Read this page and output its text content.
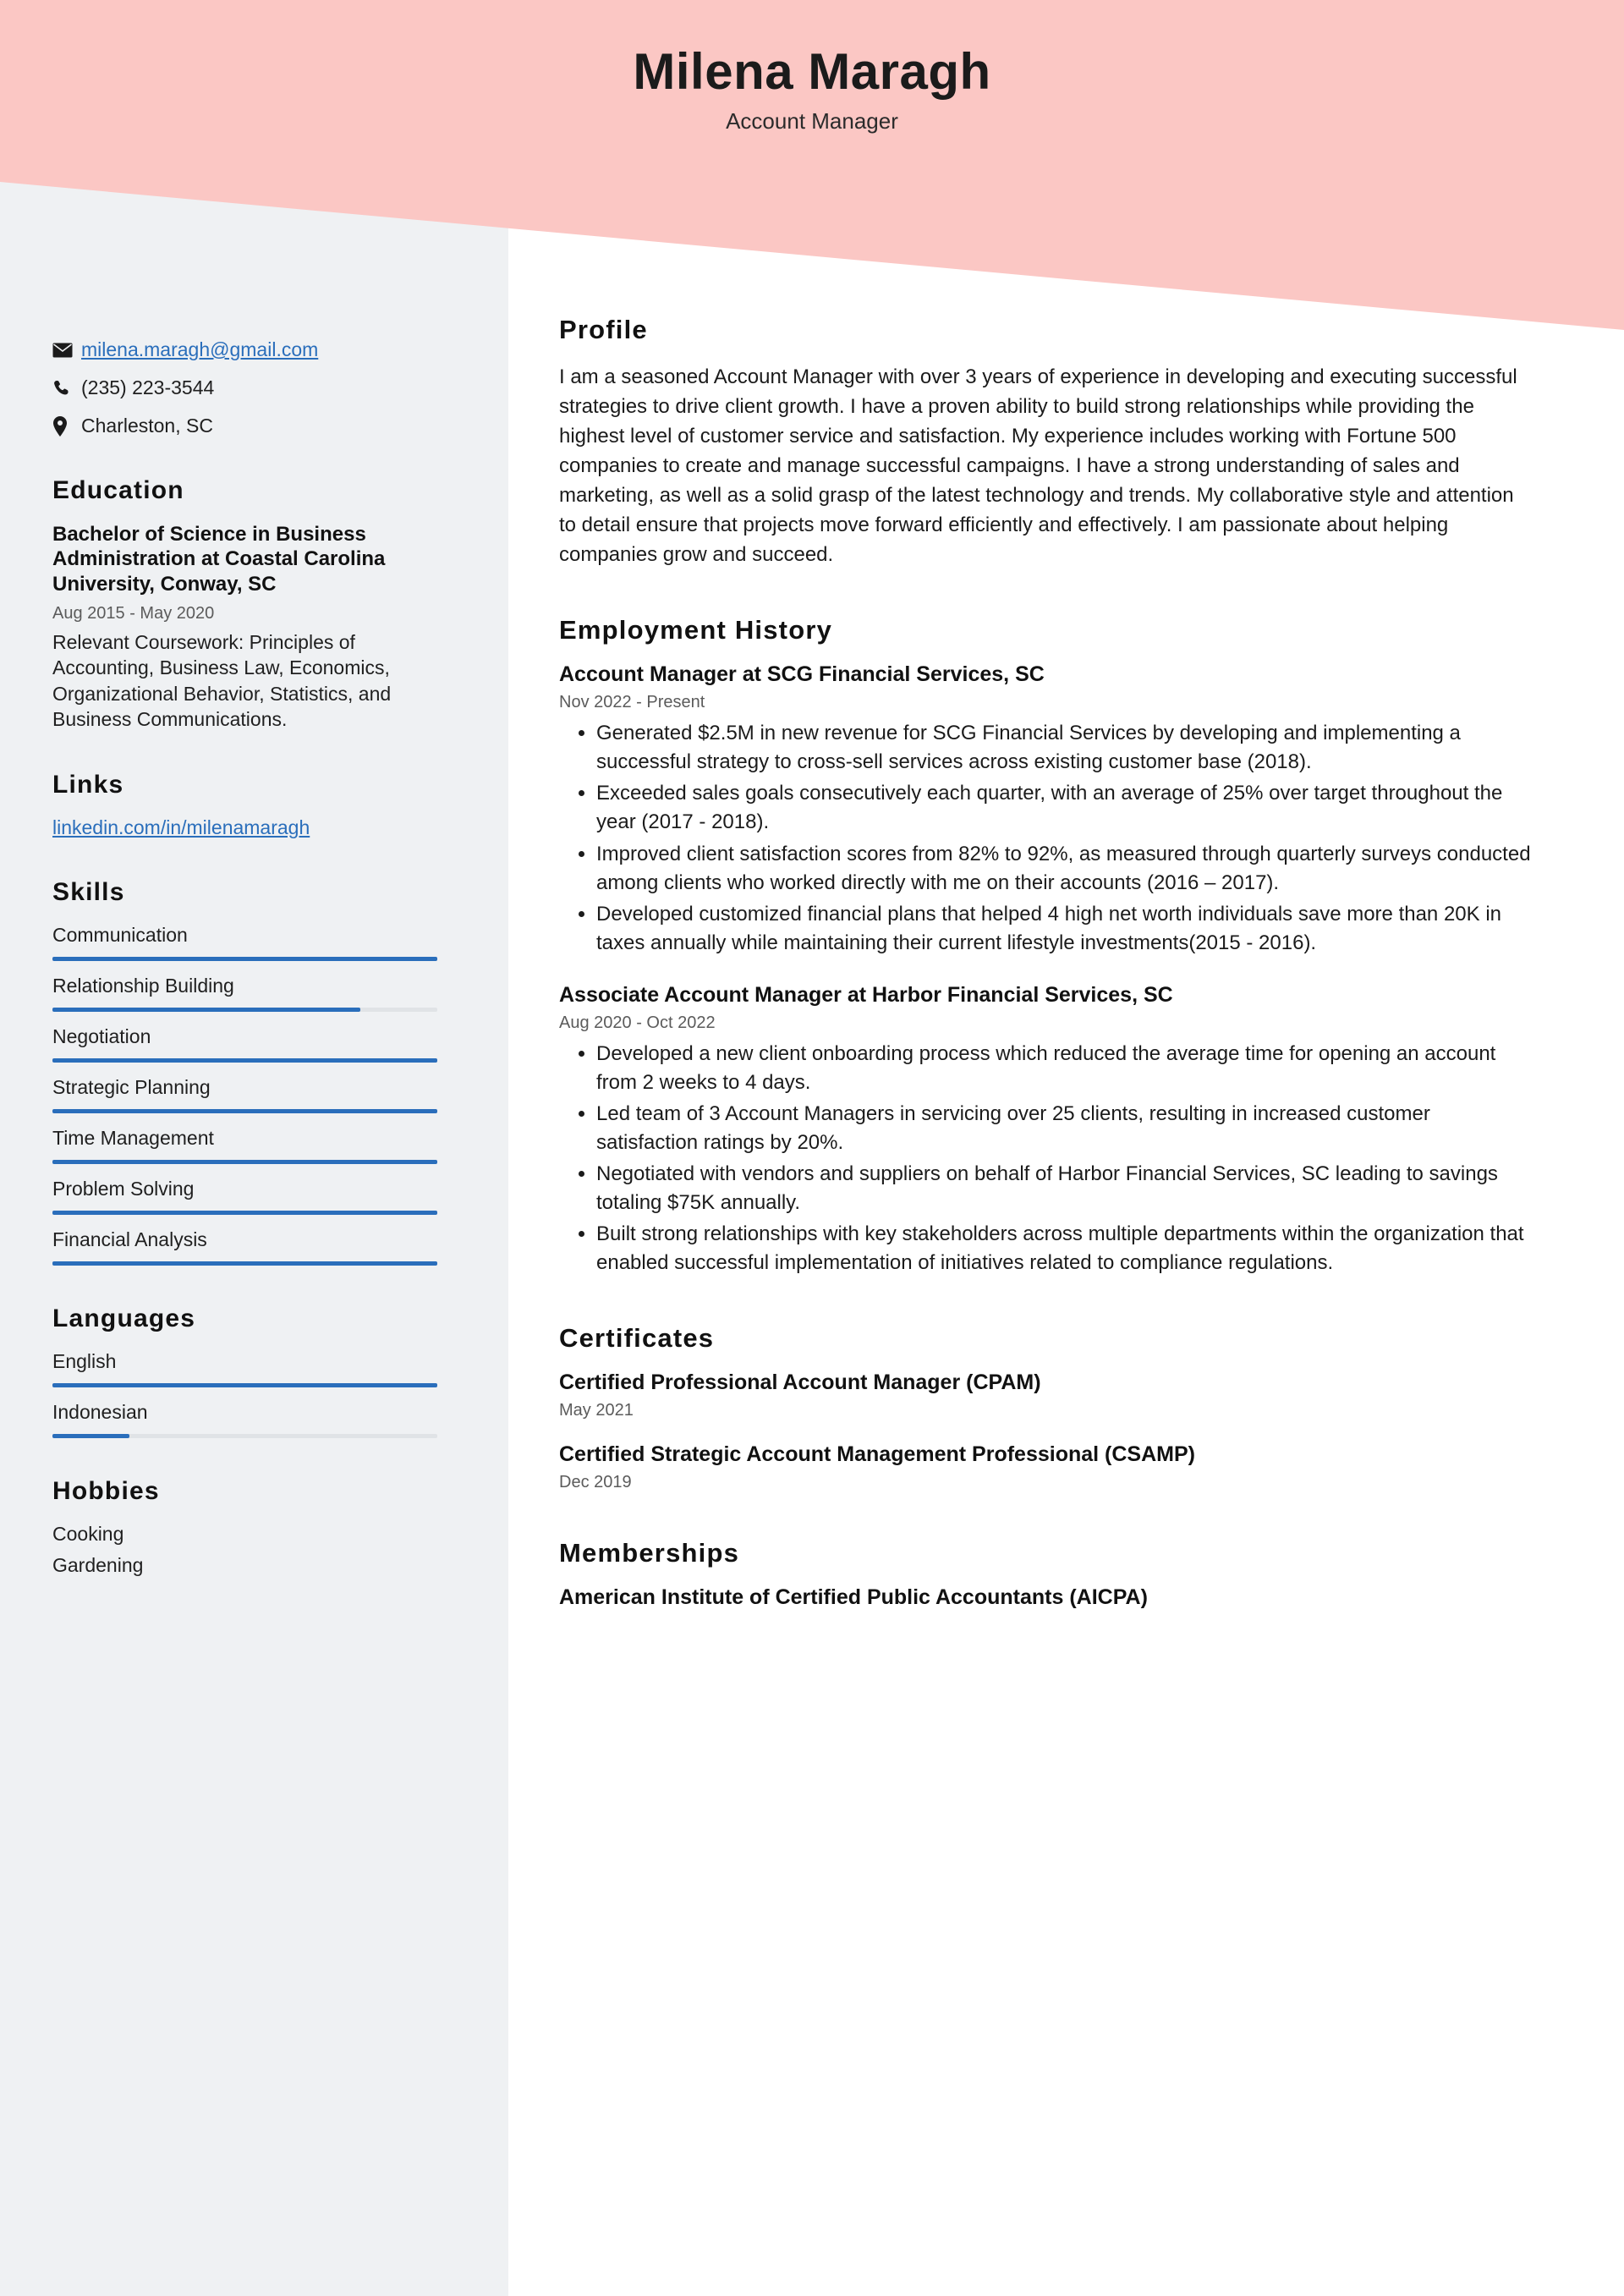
Milena Maragh
Account Manager
milena.maragh@gmail.com
(235) 223-3544
Charleston, SC
Education
Bachelor of Science in Business Administration at Coastal Carolina University, Conway, SC
Aug 2015 - May 2020
Relevant Coursework: Principles of Accounting, Business Law, Economics, Organizational Behavior, Statistics, and Business Communications.
Links
linkedin.com/in/milenamaragh
Skills
Communication
Relationship Building
Negotiation
Strategic Planning
Time Management
Problem Solving
Financial Analysis
Languages
English
Indonesian
Hobbies
Cooking
Gardening
Profile
I am a seasoned Account Manager with over 3 years of experience in developing and executing successful strategies to drive client growth. I have a proven ability to build strong relationships while providing the highest level of customer service and satisfaction. My experience includes working with Fortune 500 companies to create and manage successful campaigns. I have a strong understanding of sales and marketing, as well as a solid grasp of the latest technology and trends. My collaborative style and attention to detail ensure that projects move forward efficiently and effectively. I am passionate about helping companies grow and succeed.
Employment History
Account Manager at SCG Financial Services, SC
Nov 2022 - Present
• Generated $2.5M in new revenue for SCG Financial Services by developing and implementing a successful strategy to cross-sell services across existing customer base (2018).
• Exceeded sales goals consecutively each quarter, with an average of 25% over target throughout the year (2017 - 2018).
• Improved client satisfaction scores from 82% to 92%, as measured through quarterly surveys conducted among clients who worked directly with me on their accounts (2016 – 2017).
• Developed customized financial plans that helped 4 high net worth individuals save more than 20K in taxes annually while maintaining their current lifestyle investments(2015 - 2016).
Associate Account Manager at Harbor Financial Services, SC
Aug 2020 - Oct 2022
• Developed a new client onboarding process which reduced the average time for opening an account from 2 weeks to 4 days.
• Led team of 3 Account Managers in servicing over 25 clients, resulting in increased customer satisfaction ratings by 20%.
• Negotiated with vendors and suppliers on behalf of Harbor Financial Services, SC leading to savings totaling $75K annually.
• Built strong relationships with key stakeholders across multiple departments within the organization that enabled successful implementation of initiatives related to compliance regulations.
Certificates
Certified Professional Account Manager (CPAM)
May 2021
Certified Strategic Account Management Professional (CSAMP)
Dec 2019
Memberships
American Institute of Certified Public Accountants (AICPA)
